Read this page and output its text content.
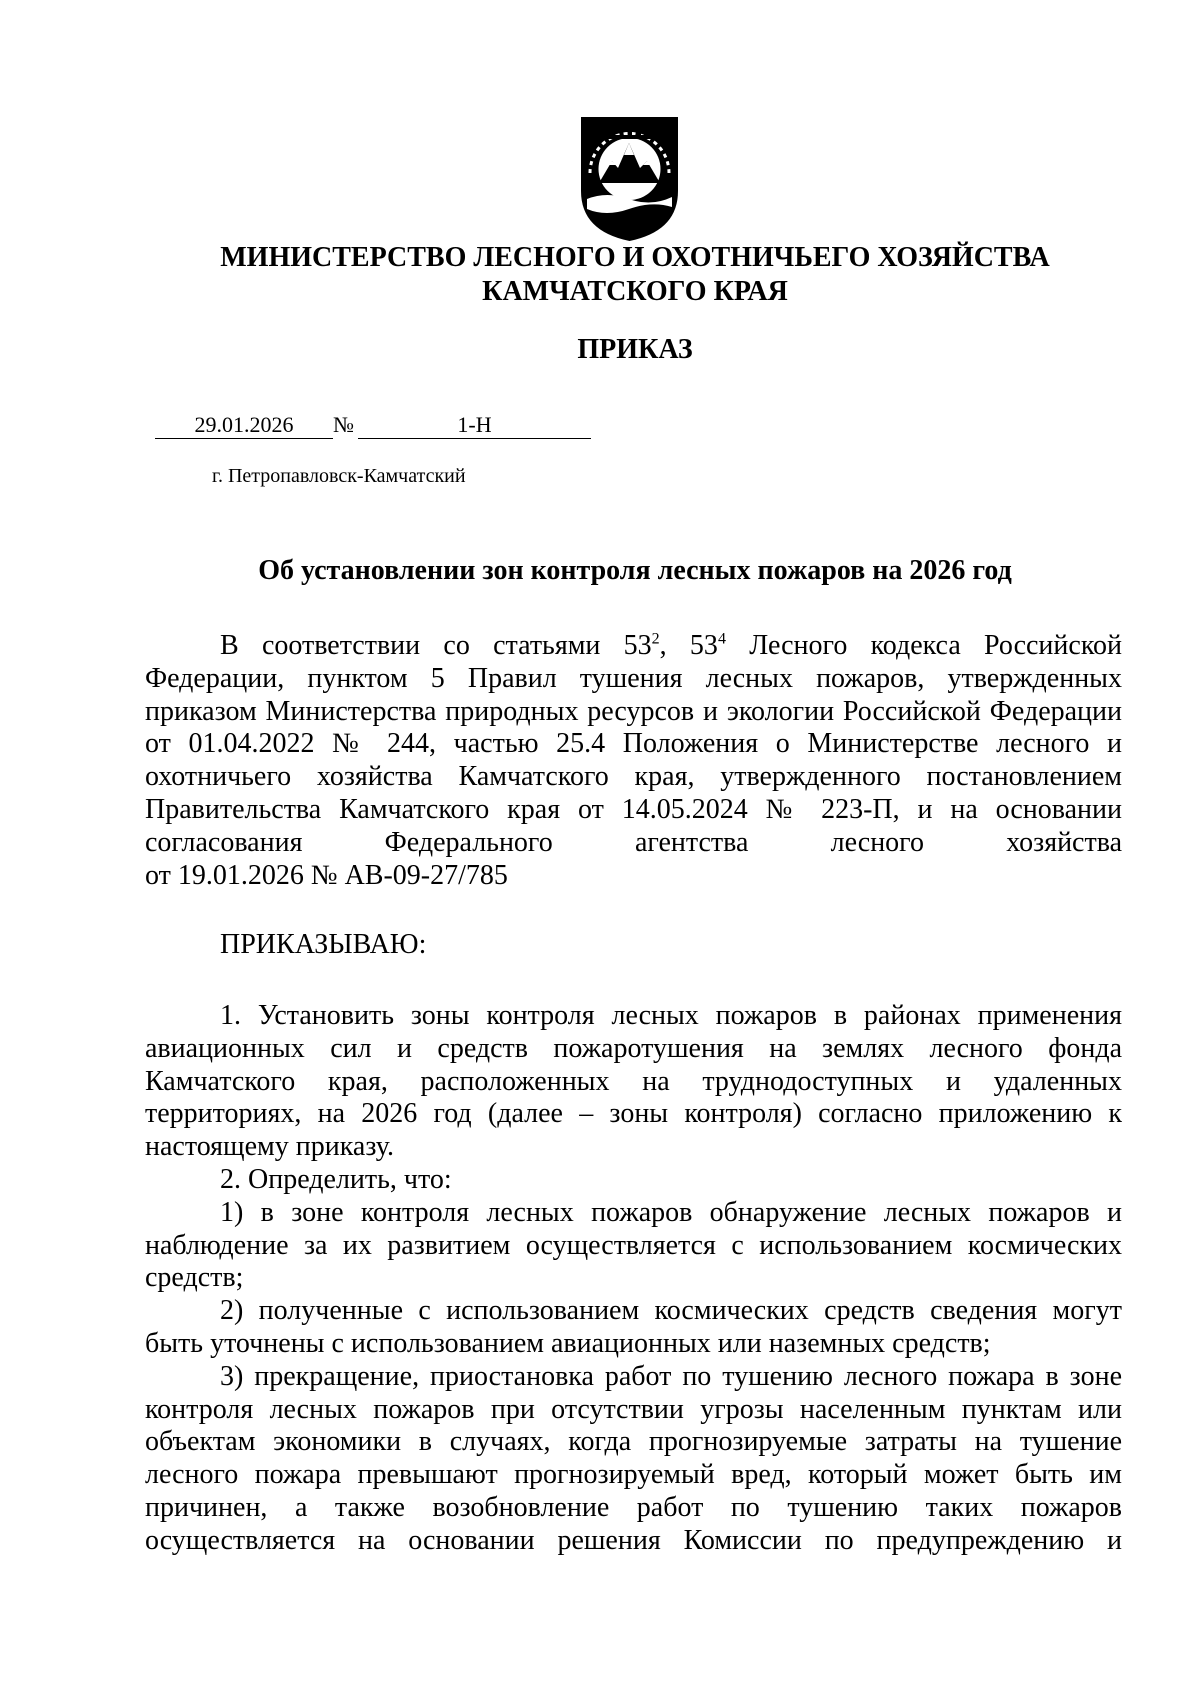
МИНИСТЕРСТВО ЛЕСНОГО И ОХОТНИЧЬЕГО ХОЗЯЙСТВА
КАМЧАТСКОГО КРАЯ
ПРИКАЗ
29.01.2026	№	1-Н
г. Петропавловск-Камчатский
Об установлении зон контроля лесных пожаров на 2026 год

В соответствии со статьями $53^2$, $53^4$ Лесного кодекса Российской Федерации, пунктом 5 Правил тушения лесных пожаров, утвержденных приказом Министерства природных ресурсов и экологии Российской Федерации от 01.04.2022 № 244, частью 25.4 Положения о Министерстве лесного и охотничьего хозяйства Камчатского края, утвержденного постановлением Правительства Камчатского края от 14.05.2024 № 223-П, и на основании согласования Федерального агентства лесного хозяйства

от 19.01.2026 № АВ-09-27/785

ПРИКАЗЫВАЮ:

1. Установить зоны контроля лесных пожаров в районах применения авиационных сил и средств пожаротушения на землях лесного фонда Камчатского края, расположенных на труднодоступных и удаленных территориях, на 2026 год (далее – зоны контроля) согласно приложению к настоящему приказу.

2. Определить, что:

1) в зоне контроля лесных пожаров обнаружение лесных пожаров и наблюдение за их развитием осуществляется с использованием космических средств;

2) полученные с использованием космических средств сведения могут быть уточнены с использованием авиационных или наземных средств;

3) прекращение, приостановка работ по тушению лесного пожара в зоне контроля лесных пожаров при отсутствии угрозы населенным пунктам или объектам экономики в случаях, когда прогнозируемые затраты на тушение лесного пожара превышают прогнозируемый вред, который может быть им причинен, а также возобновление работ по тушению таких пожаров осуществляется на основании решения Комиссии по предупреждению и
